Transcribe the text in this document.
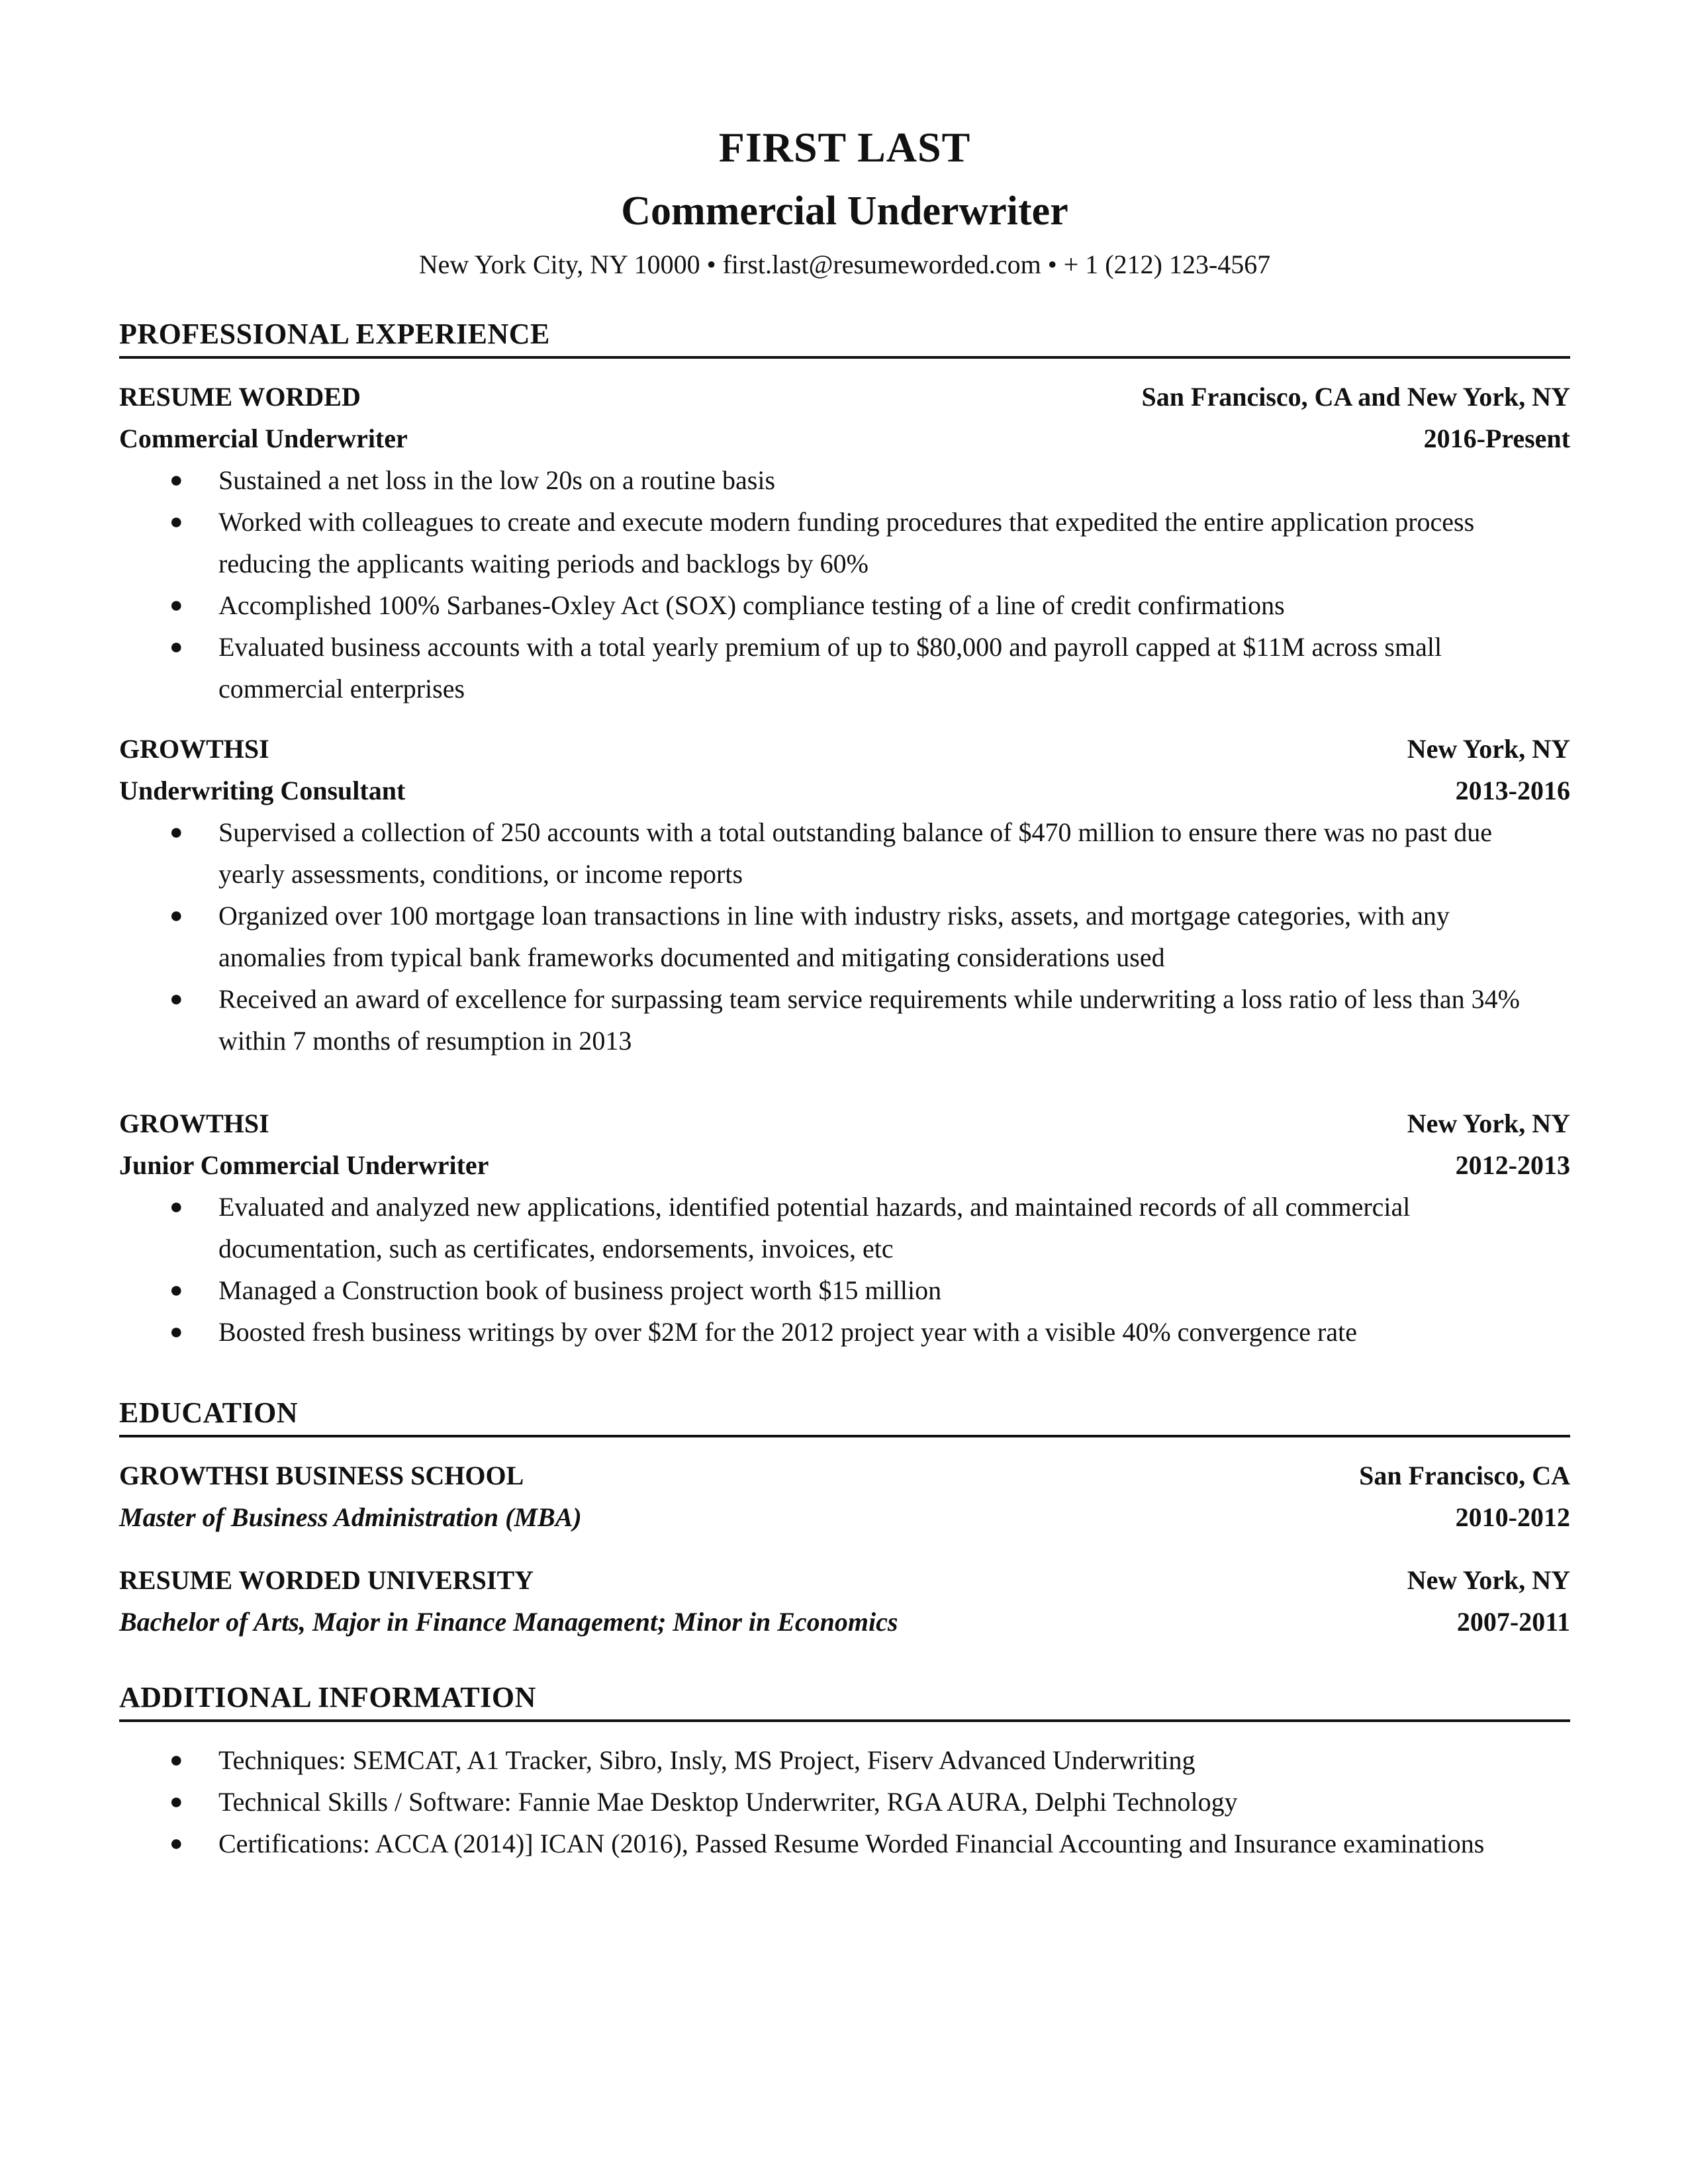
FIRST LAST
Commercial Underwriter
New York City, NY 10000 • first.last@resumeworded.com • + 1 (212) 123-4567
PROFESSIONAL EXPERIENCE
RESUME WORDED	San Francisco, CA and New York, NY
Commercial Underwriter	2016-Present
● Sustained a net loss in the low 20s on a routine basis
● Worked with colleagues to create and execute modern funding procedures that expedited the entire application process reducing the applicants waiting periods and backlogs by 60%
● Accomplished 100% Sarbanes-Oxley Act (SOX) compliance testing of a line of credit confirmations
● Evaluated business accounts with a total yearly premium of up to $80,000 and payroll capped at $11M across small commercial enterprises
GROWTHSI	New York, NY
Underwriting Consultant	2013-2016
● Supervised a collection of 250 accounts with a total outstanding balance of $470 million to ensure there was no past due yearly assessments, conditions, or income reports
● Organized over 100 mortgage loan transactions in line with industry risks, assets, and mortgage categories, with any anomalies from typical bank frameworks documented and mitigating considerations used
● Received an award of excellence for surpassing team service requirements while underwriting a loss ratio of less than 34% within 7 months of resumption in 2013
GROWTHSI	New York, NY
Junior Commercial Underwriter	2012-2013
● Evaluated and analyzed new applications, identified potential hazards, and maintained records of all commercial documentation, such as certificates, endorsements, invoices, etc
● Managed a Construction book of business project worth $15 million
● Boosted fresh business writings by over $2M for the 2012 project year with a visible 40% convergence rate
EDUCATION
GROWTHSI BUSINESS SCHOOL	San Francisco, CA
Master of Business Administration (MBA)	2010-2012
RESUME WORDED UNIVERSITY	New York, NY
Bachelor of Arts, Major in Finance Management; Minor in Economics	2007-2011
ADDITIONAL INFORMATION
● Techniques: SEMCAT, A1 Tracker, Sibro, Insly, MS Project, Fiserv Advanced Underwriting
● Technical Skills / Software: Fannie Mae Desktop Underwriter, RGA AURA, Delphi Technology
● Certifications: ACCA (2014)] ICAN (2016), Passed Resume Worded Financial Accounting and Insurance examinations
